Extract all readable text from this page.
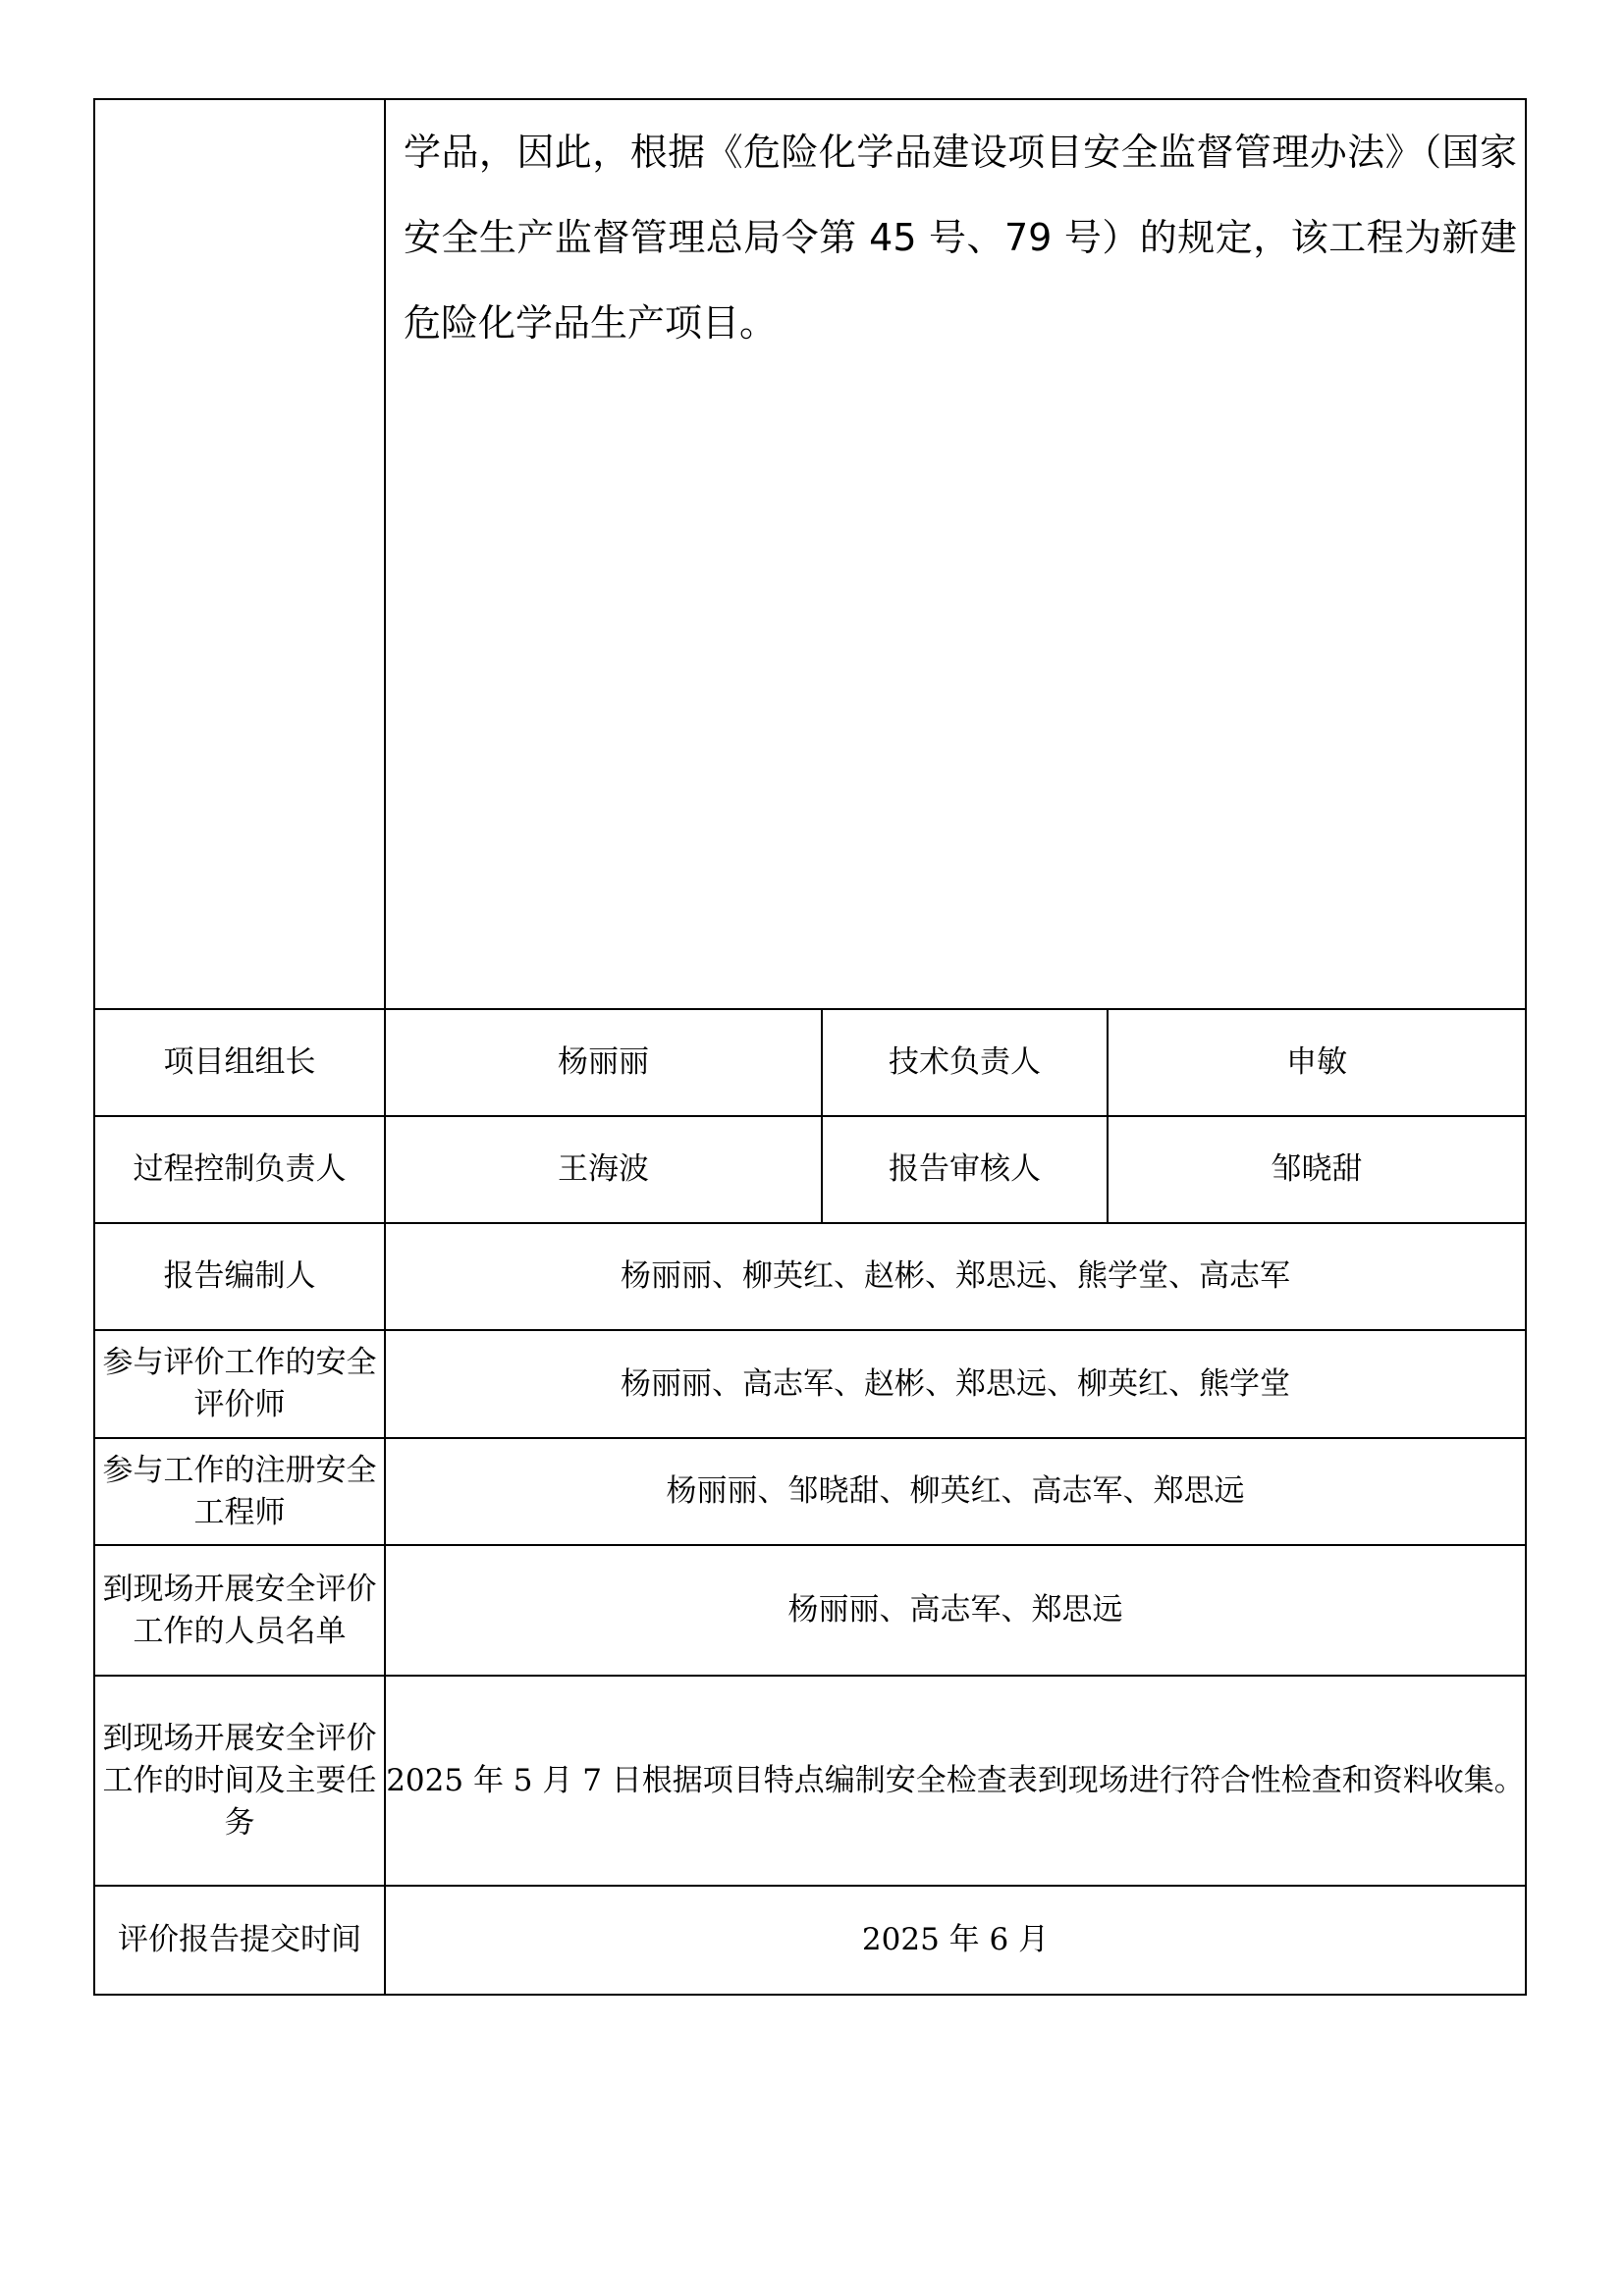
	学品，因此，根据《危险化学品建设项目安全监督管理办法》（国家安全生产监督管理总局令第 45 号、79 号）的规定，该工程为新建危险化学品生产项目。		

项目组组长	杨丽丽	技术负责人	申敏
过程控制负责人	王海波	报告审核人	邹晓甜
报告编制人	杨丽丽、柳英红、赵彬、郑思远、熊学堂、高志军		
参与评价工作的安全评价师	杨丽丽、高志军、赵彬、郑思远、柳英红、熊学堂		
参与工作的注册安全工程师	杨丽丽、邹晓甜、柳英红、高志军、郑思远		
到现场开展安全评价工作的人员名单	杨丽丽、高志军、郑思远		
到现场开展安全评价工作的时间及主要任务	2025 年 5 月 7 日根据项目特点编制安全检查表到现场进行符合性检查和资料收集。		
评价报告提交时间	2025 年 6 月		
